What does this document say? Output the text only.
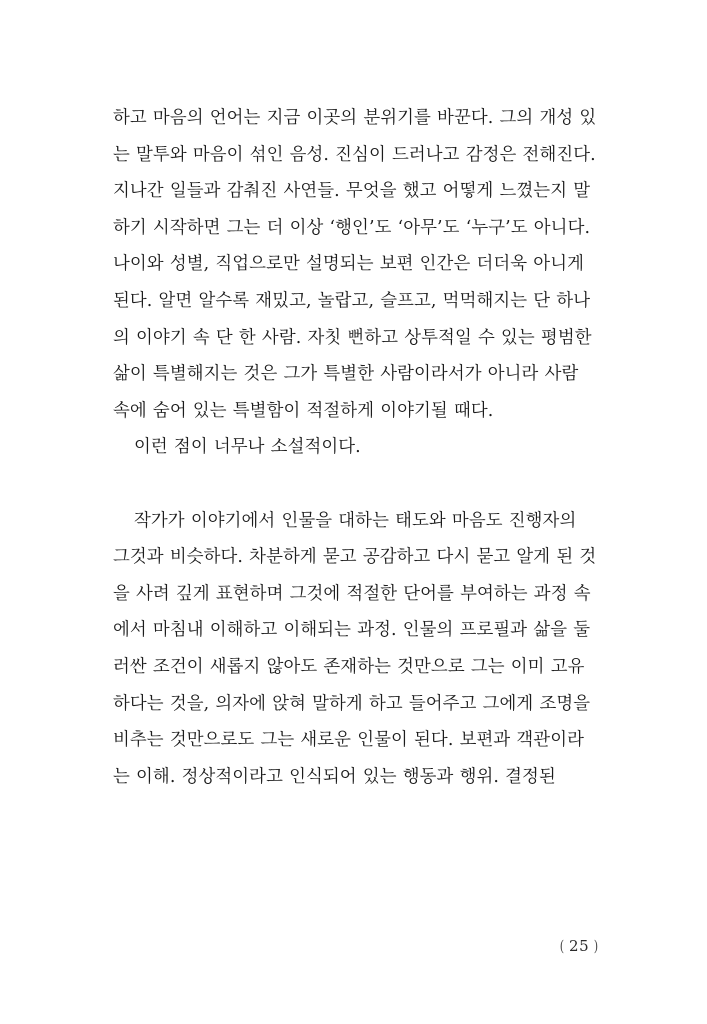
하고 마음의 언어는 지금 이곳의 분위기를 바꾼다. 그의 개성 있는 말투와 마음이 섞인 음성. 진심이 드러나고 감정은 전해진다. 지나간 일들과 감춰진 사연들. 무엇을 했고 어떻게 느꼈는지 말하기 시작하면 그는 더 이상 ‘행인’도 ‘아무’도 ‘누구’도 아니다. 나이와 성별, 직업으로만 설명되는 보편 인간은 더더욱 아니게 된다. 알면 알수록 재밌고, 놀랍고, 슬프고, 먹먹해지는 단 하나의 이야기 속 단 한 사람. 자칫 뻔하고 상투적일 수 있는 평범한 삶이 특별해지는 것은 그가 특별한 사람이라서가 아니라 사람 속에 숨어 있는 특별함이 적절하게 이야기될 때다.

이런 점이 너무나 소설적이다.

작가가 이야기에서 인물을 대하는 태도와 마음도 진행자의 그것과 비슷하다. 차분하게 묻고 공감하고 다시 묻고 알게 된 것을 사려 깊게 표현하며 그것에 적절한 단어를 부여하는 과정 속에서 마침내 이해하고 이해되는 과정. 인물의 프로필과 삶을 둘러싼 조건이 새롭지 않아도 존재하는 것만으로 그는 이미 고유하다는 것을, 의자에 앉혀 말하게 하고 들어주고 그에게 조명을 비추는 것만으로도 그는 새로운 인물이 된다. 보편과 객관이라는 이해. 정상적이라고 인식되어 있는 행동과 행위. 결정된

( 25 )
